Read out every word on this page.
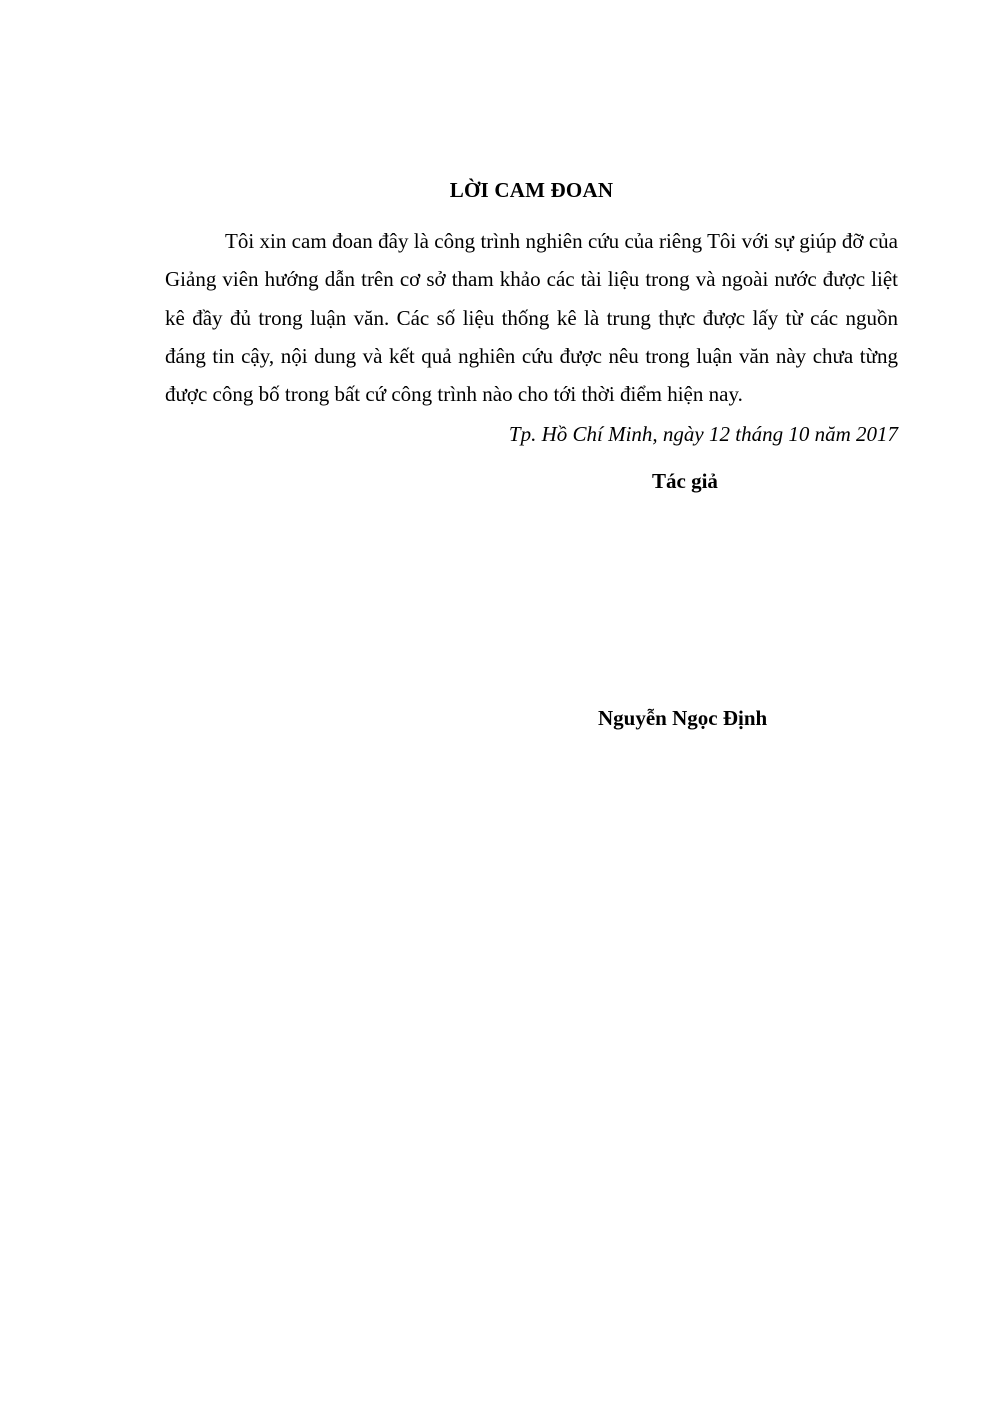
LỜI CAM ĐOAN

Tôi xin cam đoan đây là công trình nghiên cứu của riêng Tôi với sự giúp đỡ của Giảng viên hướng dẫn trên cơ sở tham khảo các tài liệu trong và ngoài nước được liệt kê đầy đủ trong luận văn. Các số liệu thống kê là trung thực được lấy từ các nguồn đáng tin cậy, nội dung và kết quả nghiên cứu được nêu trong luận văn này chưa từng được công bố trong bất cứ công trình nào cho tới thời điểm hiện nay.

Tp. Hồ Chí Minh, ngày 12 tháng 10 năm 2017
Tác giả
Nguyễn Ngọc Định
